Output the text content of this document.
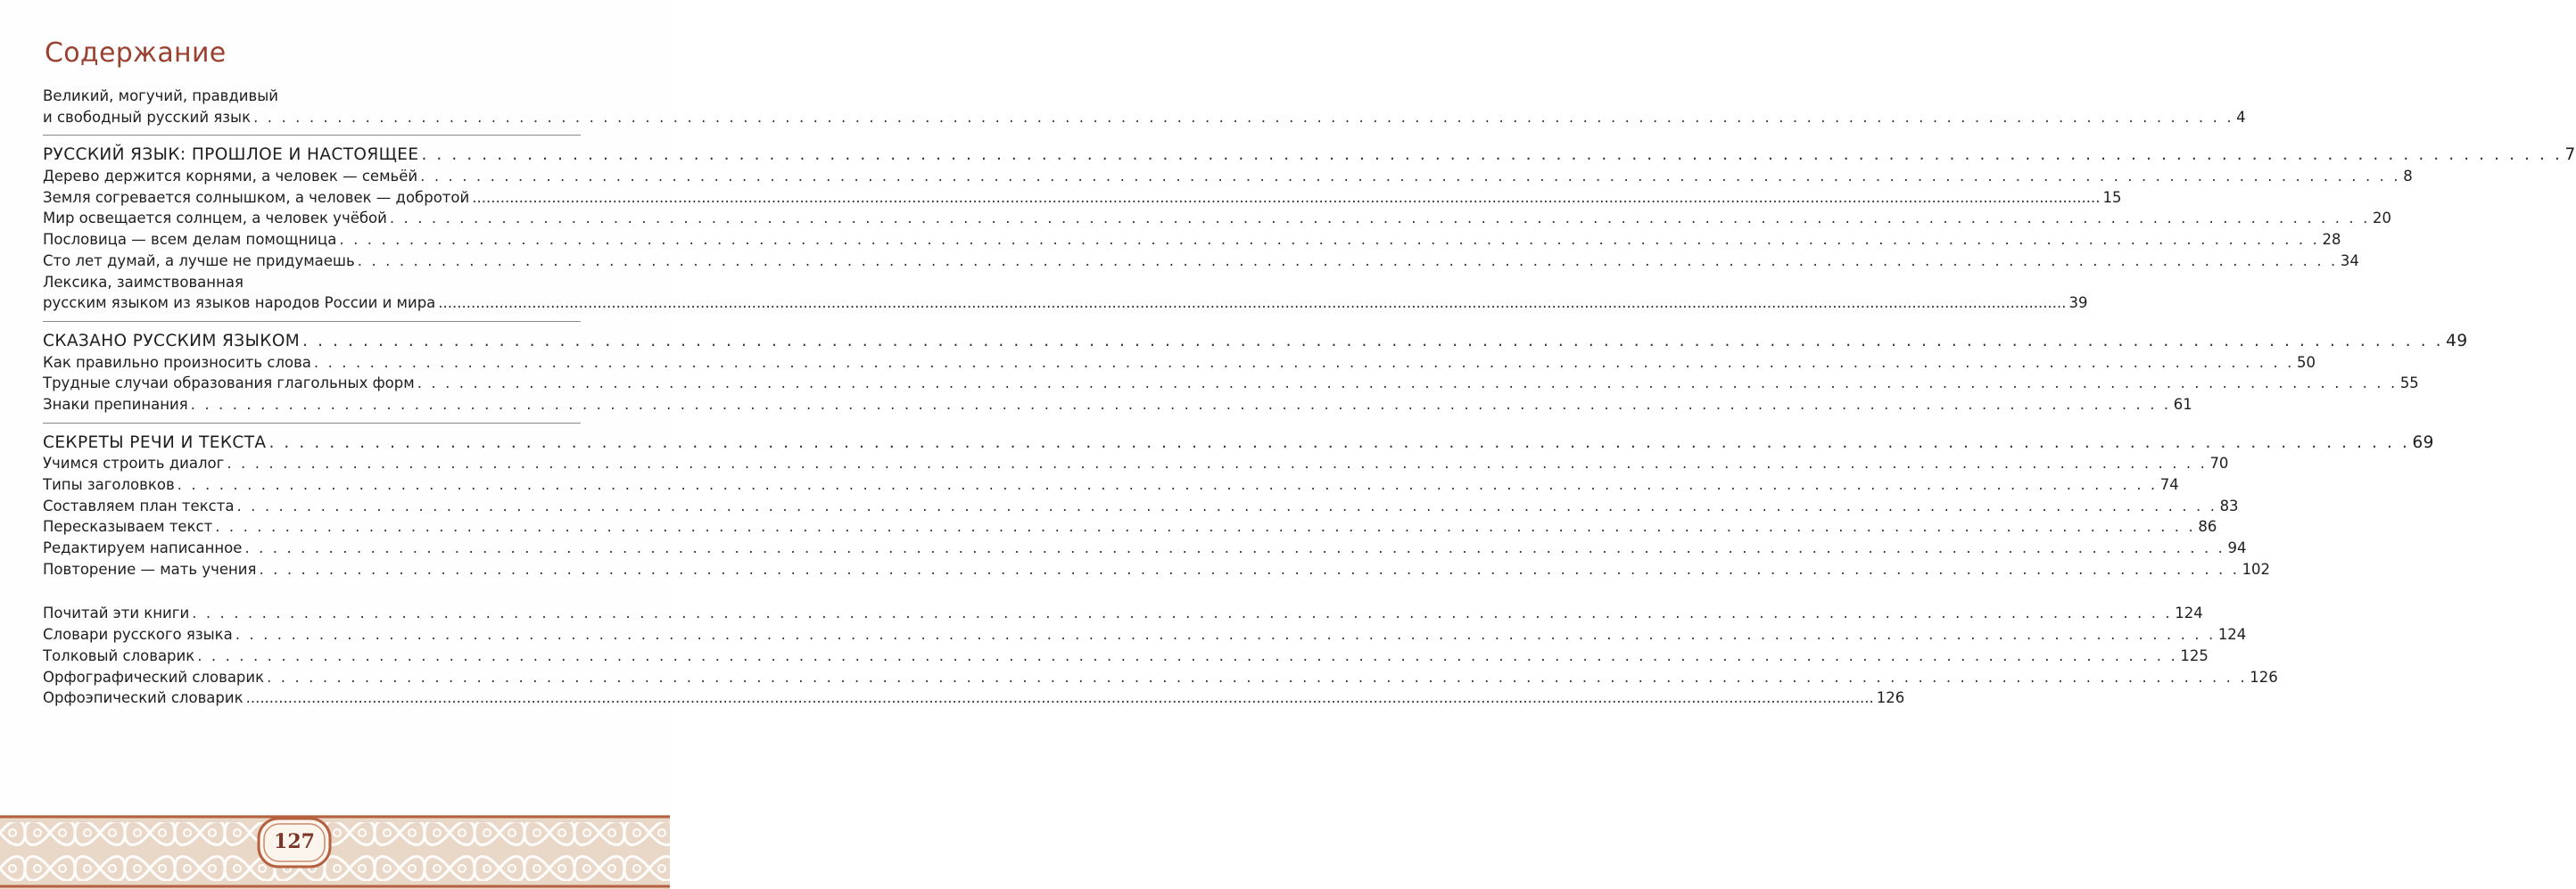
Содержание
Великий, могучий, правдивый
и свободный русский язык . . .	4
РУССКИЙ ЯЗЫК: ПРОШЛОЕ И НАСТОЯЩЕЕ . . .	7
Дерево держится корнями, а человек — семьёй . . .	8
Земля согревается солнышком, а человек — добротой .....	15
Мир освещается солнцем, а человек учёбой . . .	20
Пословица — всем делам помощница . . .	28
Сто лет думай, а лучше не придумаешь . . .	34
Лексика, заимствованная
русским языком из языков народов России и мира .....	39
СКАЗАНО РУССКИМ ЯЗЫКОМ . . .	49
Как правильно произносить слова . . .	50
Трудные случаи образования глагольных форм . . .	55
Знаки препинания . . .	61
СЕКРЕТЫ РЕЧИ И ТЕКСТА . . .	69
Учимся строить диалог . . .	70
Типы заголовков . . .	74
Составляем план текста . . .	83
Пересказываем текст . . .	86
Редактируем написанное . . .	94
Повторение — мать учения . . .	102
Почитай эти книги . . .	124
Словари русского языка . . .	124
Толковый словарик . . .	125
Орфографический словарик . . .	126
Орфоэпический словарик .....	126
127
